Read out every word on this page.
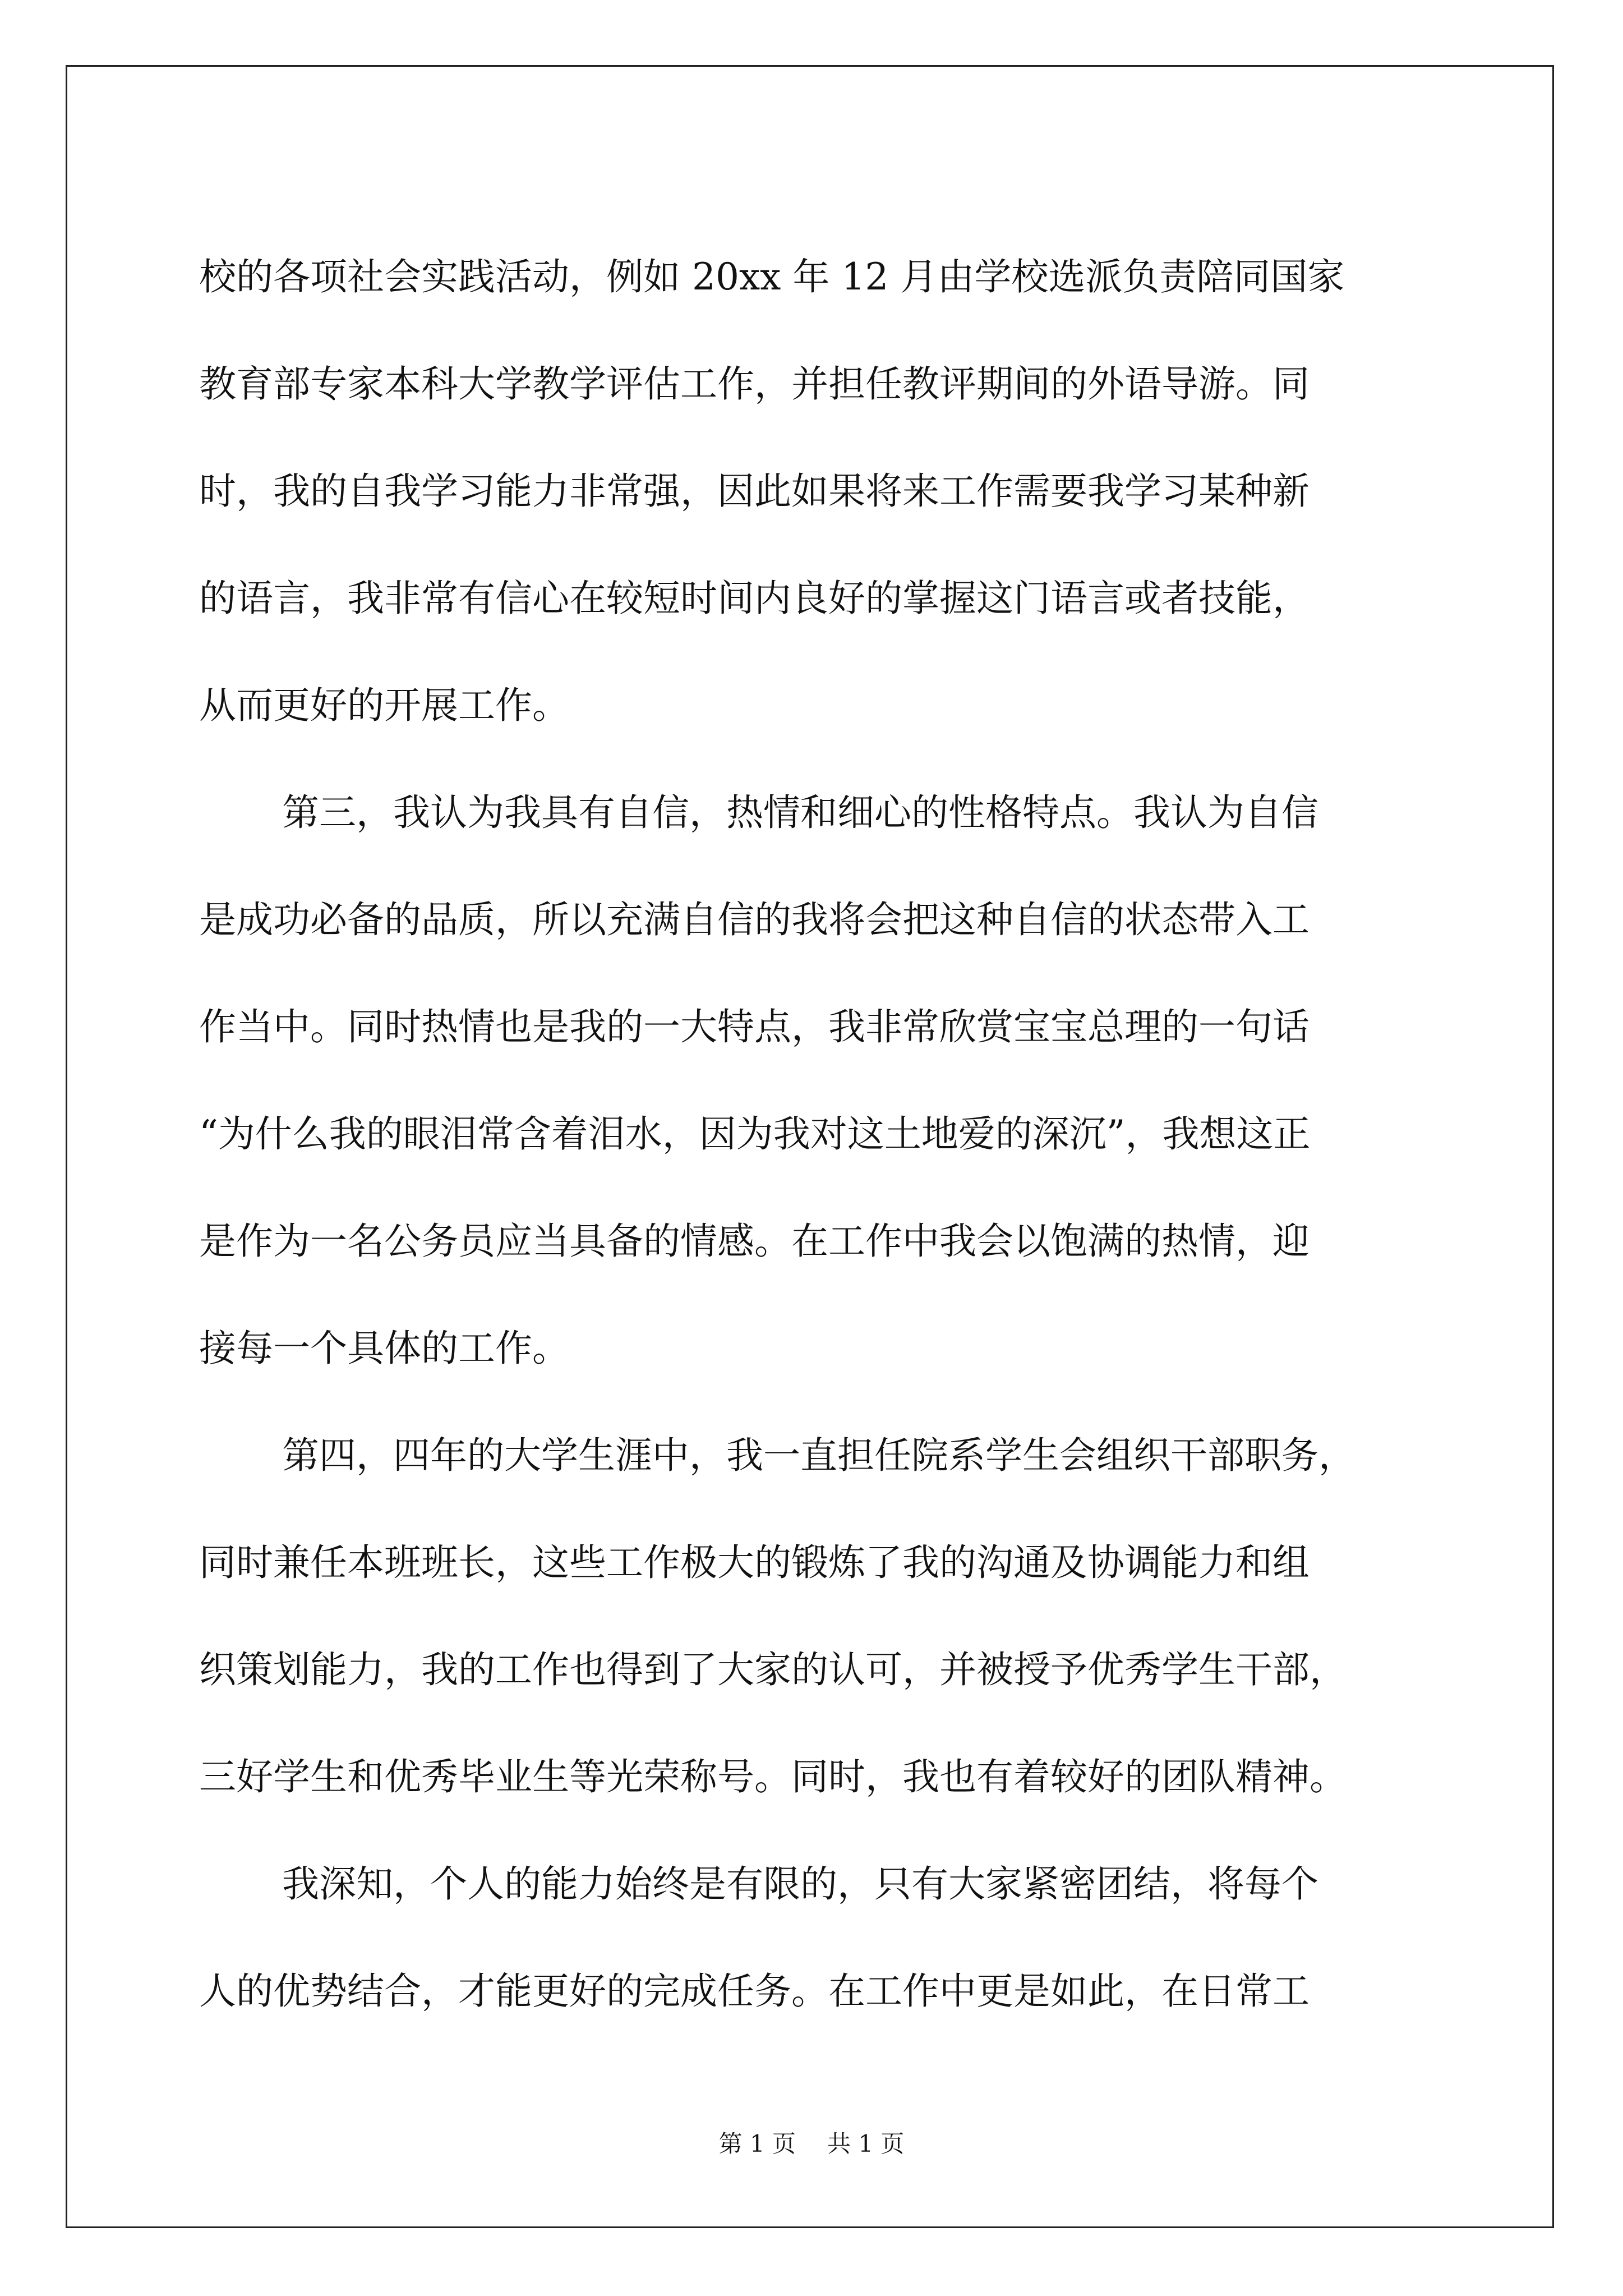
校的各项社会实践活动，例如 20xx 年 12 月由学校选派负责陪同国家
教育部专家本科大学教学评估工作，并担任教评期间的外语导游。同
时，我的自我学习能力非常强，因此如果将来工作需要我学习某种新
的语言，我非常有信心在较短时间内良好的掌握这门语言或者技能，
从而更好的开展工作。
第三，我认为我具有自信，热情和细心的性格特点。我认为自信
是成功必备的品质，所以充满自信的我将会把这种自信的状态带入工
作当中。同时热情也是我的一大特点，我非常欣赏宝宝总理的一句话
“为什么我的眼泪常含着泪水，因为我对这土地爱的深沉”，我想这正
是作为一名公务员应当具备的情感。在工作中我会以饱满的热情，迎
接每一个具体的工作。
第四，四年的大学生涯中，我一直担任院系学生会组织干部职务，
同时兼任本班班长，这些工作极大的锻炼了我的沟通及协调能力和组
织策划能力，我的工作也得到了大家的认可，并被授予优秀学生干部，
三好学生和优秀毕业生等光荣称号。同时，我也有着较好的团队精神。
我深知，个人的能力始终是有限的，只有大家紧密团结，将每个
人的优势结合，才能更好的完成任务。在工作中更是如此，在日常工
第 1 页 共 1 页
